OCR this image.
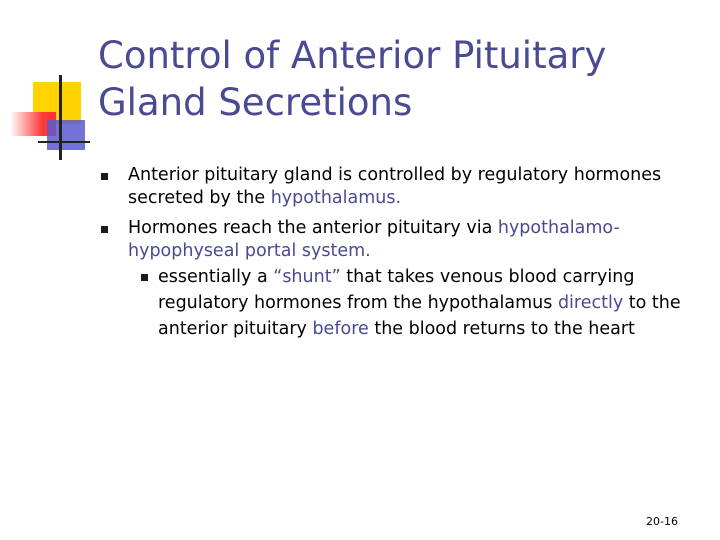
Control of Anterior Pituitary
Gland Secretions
Anterior pituitary gland is controlled by regulatory hormones
secreted by the hypothalamus.
Hormones reach the anterior pituitary via hypothalamo-
hypophyseal portal system.
essentially a “shunt” that takes venous blood carrying
regulatory hormones from the hypothalamus directly to the
anterior pituitary before the blood returns to the heart
20-16
